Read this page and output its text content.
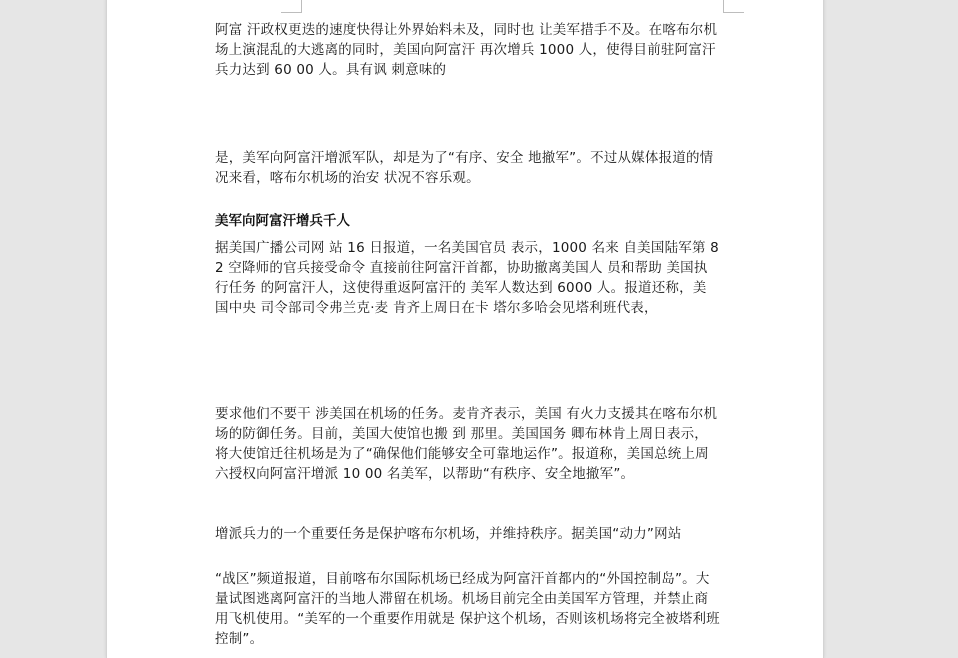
阿富 汗政权更迭的速度快得让外界始料未及，同时也 让美军措手不及。在喀布尔机场上演混乱的大逃离的同时，美国向阿富汗 再次增兵 1000 人，使得目前驻阿富汗 兵力达到 60 00 人。具有讽 刺意味的

是，美军向阿富汗增派军队，却是为了“有序、安全 地撤军”。不过从媒体报道的情 况来看，喀布尔机场的治安 状况不容乐观。

美军向阿富汗增兵千人

据美国广播公司网 站 16 日报道，一名美国官员 表示，1000 名来 自美国陆军第 82 空降师的官兵接受命令 直接前往阿富汗首都，协助撤离美国人 员和帮助 美国执行任务 的阿富汗人，这使得重返阿富汗的 美军人数达到 6000 人。报道还称，美国中央 司令部司令弗兰克·麦 肯齐上周日在卡 塔尔多哈会见塔利班代表，

要求他们不要干 涉美国在机场的任务。麦肯齐表示，美国 有火力支援其在喀布尔机场的防御任务。目前，美国大使馆也搬 到 那里。美国国务 卿布林肯上周日表示， 将大使馆迁往机场是为了“确保他们能够安全可靠地运作”。报道称，美国总统上周六授权向阿富汗增派 10 00 名美军，以帮助“有秩序、安全地撤军”。

增派兵力的一个重要任务是保护喀布尔机场，并维持秩序。据美国“动力”网站

“战区”频道报道，目前喀布尔国际机场已经成为阿富汗首都内的“外国控制岛”。大 量试图逃离阿富汗的当地人滞留在机场。机场目前完全由美国军方管理，并禁止商用飞机使用。“美军的一个重要作用就是 保护这个机场，否则该机场将完全被塔利班控制”。
